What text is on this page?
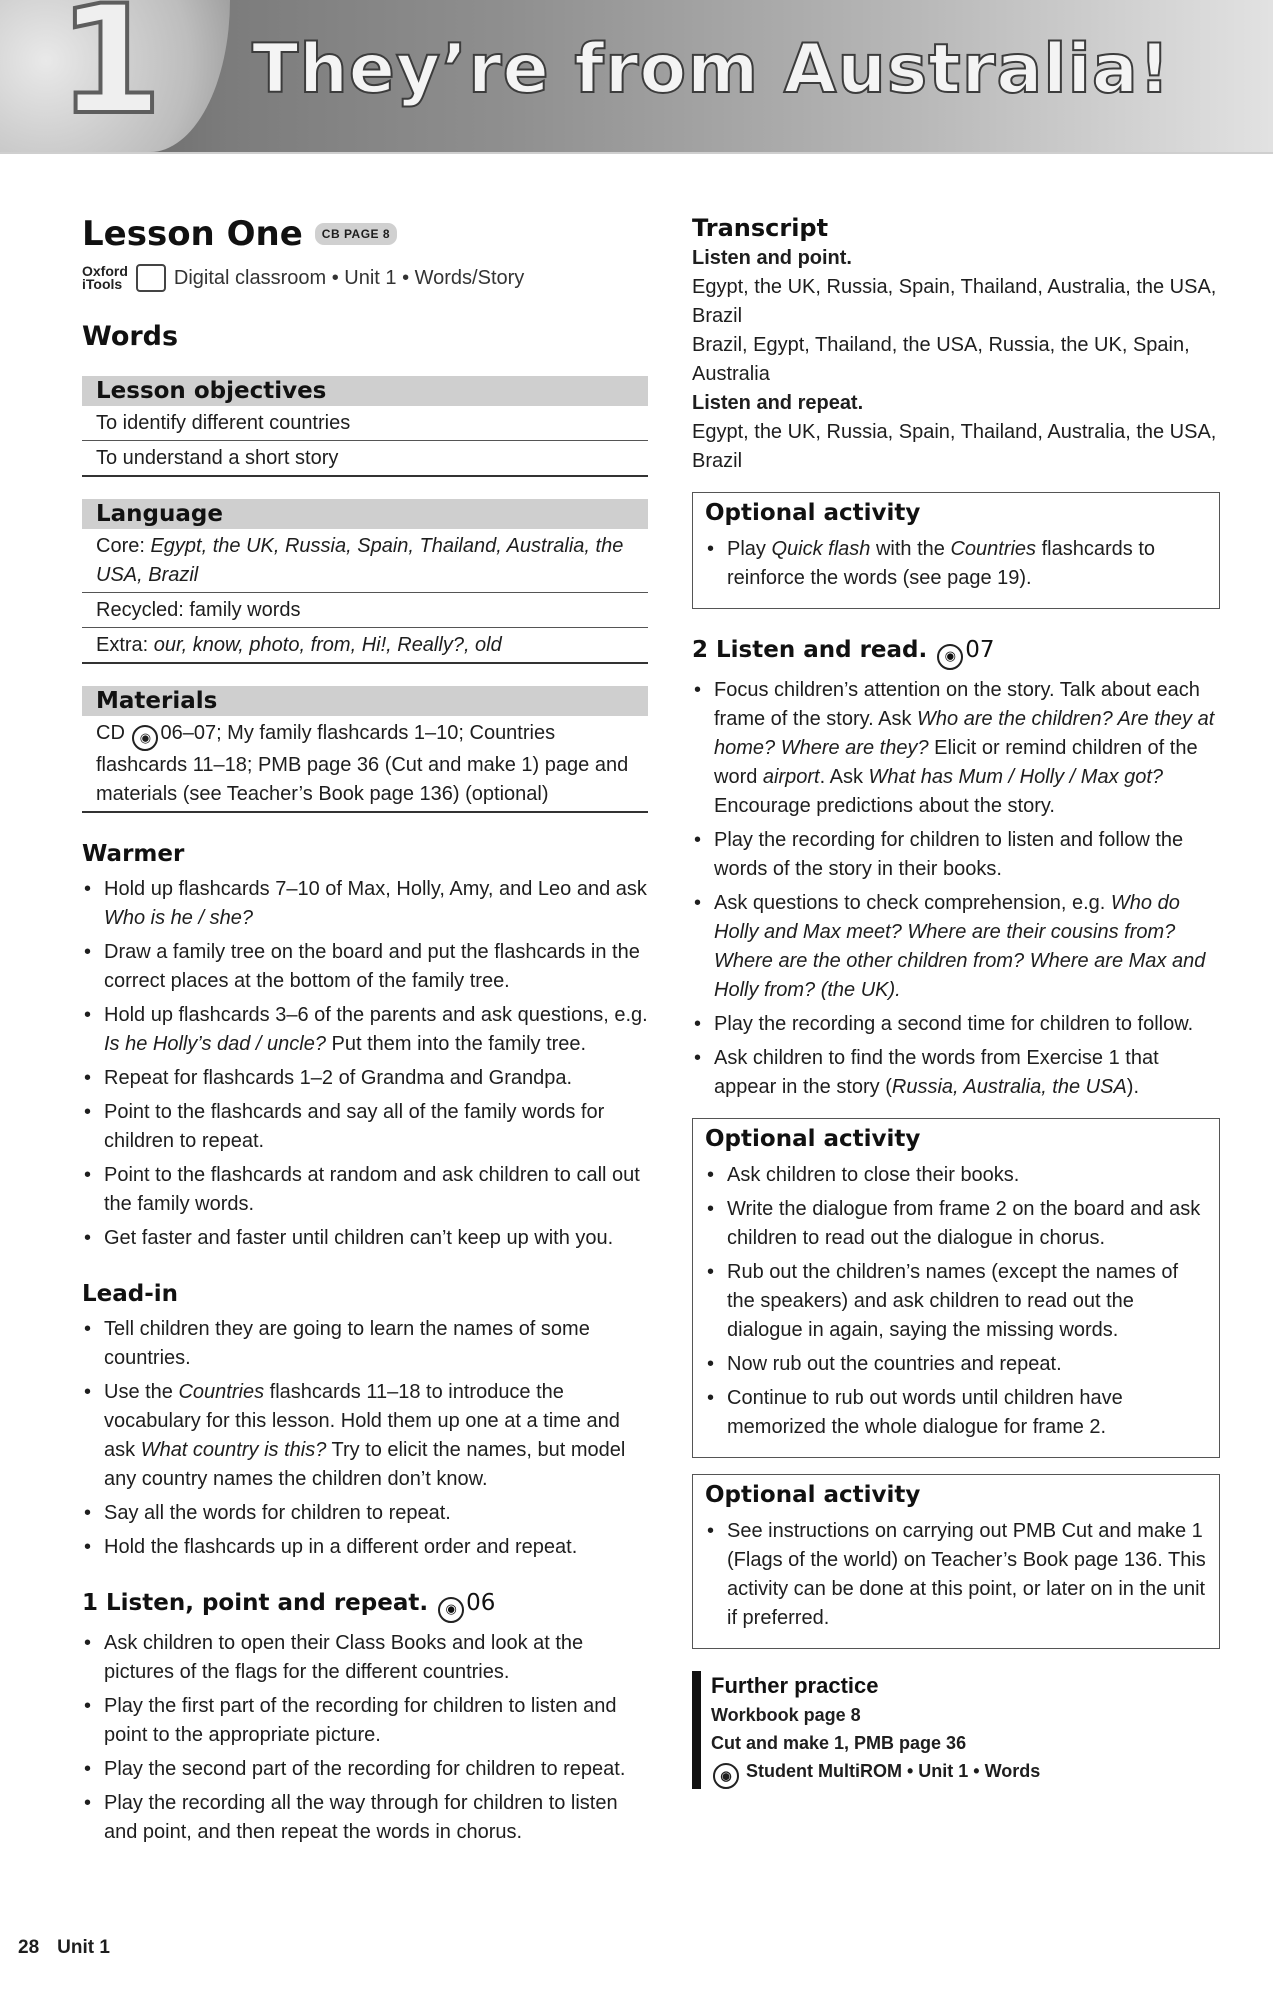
1 They’re from Australia!
Lesson One	CB PAGE 8
Oxford
iTools	Digital classroom • Unit 1 • Words/Story
Words
Lesson objectives

To identify different countries

To understand a short story

Language

Core: Egypt, the UK, Russia, Spain, Thailand, Australia, the USA, Brazil

Recycled: family words

Extra: our, know, photo, from, Hi!, Really?, old

Materials

CD ◉ 06–07; My family flashcards 1–10; Countries flashcards 11–18; PMB page 36 (Cut and make 1) page and materials (see Teacher’s Book page 136) (optional)

Warmer
• Hold up flashcards 7–10 of Max, Holly, Amy, and Leo and ask Who is he / she?
• Draw a family tree on the board and put the flashcards in the correct places at the bottom of the family tree.
• Hold up flashcards 3–6 of the parents and ask questions, e.g. Is he Holly’s dad / uncle? Put them into the family tree.
• Repeat for flashcards 1–2 of Grandma and Grandpa.
• Point to the flashcards and say all of the family words for children to repeat.
• Point to the flashcards at random and ask children to call out the family words.
• Get faster and faster until children can’t keep up with you.
Lead-in
• Tell children they are going to learn the names of some countries.
• Use the Countries flashcards 11–18 to introduce the vocabulary for this lesson. Hold them up one at a time and ask What country is this? Try to elicit the names, but model any country names the children don’t know.
• Say all the words for children to repeat.
• Hold the flashcards up in a different order and repeat.
1 Listen, point and repeat. ◉ 06
• Ask children to open their Class Books and look at the pictures of the flags for the different countries.
• Play the first part of the recording for children to listen and point to the appropriate picture.
• Play the second part of the recording for children to repeat.
• Play the recording all the way through for children to listen and point, and then repeat the words in chorus.
Transcript

Listen and point.

Egypt, the UK, Russia, Spain, Thailand, Australia, the USA, Brazil

Brazil, Egypt, Thailand, the USA, Russia, the UK, Spain, Australia

Listen and repeat.

Egypt, the UK, Russia, Spain, Thailand, Australia, the USA, Brazil

Optional activity
• Play Quick flash with the Countries flashcards to reinforce the words (see page 19).
2 Listen and read. ◉ 07
• Focus children’s attention on the story. Talk about each frame of the story. Ask Who are the children? Are they at home? Where are they? Elicit or remind children of the word airport. Ask What has Mum / Holly / Max got? Encourage predictions about the story.
• Play the recording for children to listen and follow the words of the story in their books.
• Ask questions to check comprehension, e.g. Who do Holly and Max meet? Where are their cousins from? Where are the other children from? Where are Max and Holly from? (the UK).
• Play the recording a second time for children to follow.
• Ask children to find the words from Exercise 1 that appear in the story (Russia, Australia, the USA).
Optional activity
• Ask children to close their books.
• Write the dialogue from frame 2 on the board and ask children to read out the dialogue in chorus.
• Rub out the children’s names (except the names of the speakers) and ask children to read out the dialogue in again, saying the missing words.
• Now rub out the countries and repeat.
• Continue to rub out words until children have memorized the whole dialogue for frame 2.
Optional activity
• See instructions on carrying out PMB Cut and make 1 (Flags of the world) on Teacher’s Book page 136. This activity can be done at this point, or later on in the unit if preferred.
Further practice

Workbook page 8

Cut and make 1, PMB page 36

◉ Student MultiROM • Unit 1 • Words

28 Unit 1
